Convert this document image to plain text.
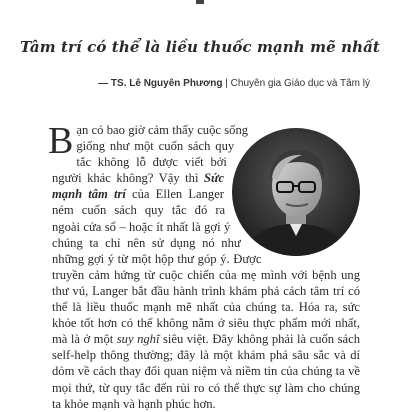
Tâm trí có thể là liều thuốc mạnh mẽ nhất
— TS. Lê Nguyên Phương | Chuyên gia Giáo dục và Tâm lý

Bạn có bao giờ cảm thấy cuộc sống giống như một cuốn sách quy tắc không lỗ được viết bởi người khác không? Vậy thì Sức mạnh tâm trí của Ellen Langer ném cuốn sách quy tắc đó ra ngoài cửa sổ – hoặc ít nhất là gợi ý chúng ta chỉ nên sử dụng nó như những gợi ý từ một hộp thư góp ý. Được truyền cảm hứng từ cuộc chiến của mẹ mình với bệnh ung thư vú, Langer bắt đầu hành trình khám phá cách tâm trí có thể là liều thuốc mạnh mẽ nhất của chúng ta. Hóa ra, sức khỏe tốt hơn có thể không nằm ở siêu thực phẩm mới nhất, mà là ở một suy nghĩ siêu việt. Đây không phải là cuốn sách self-help thông thường; đây là một khám phá sâu sắc và dí dỏm về cách thay đổi quan niệm và niềm tin của chúng ta về mọi thứ, từ quy tắc đến rủi ro có thể thực sự làm cho chúng ta khỏe mạnh và hạnh phúc hơn.
